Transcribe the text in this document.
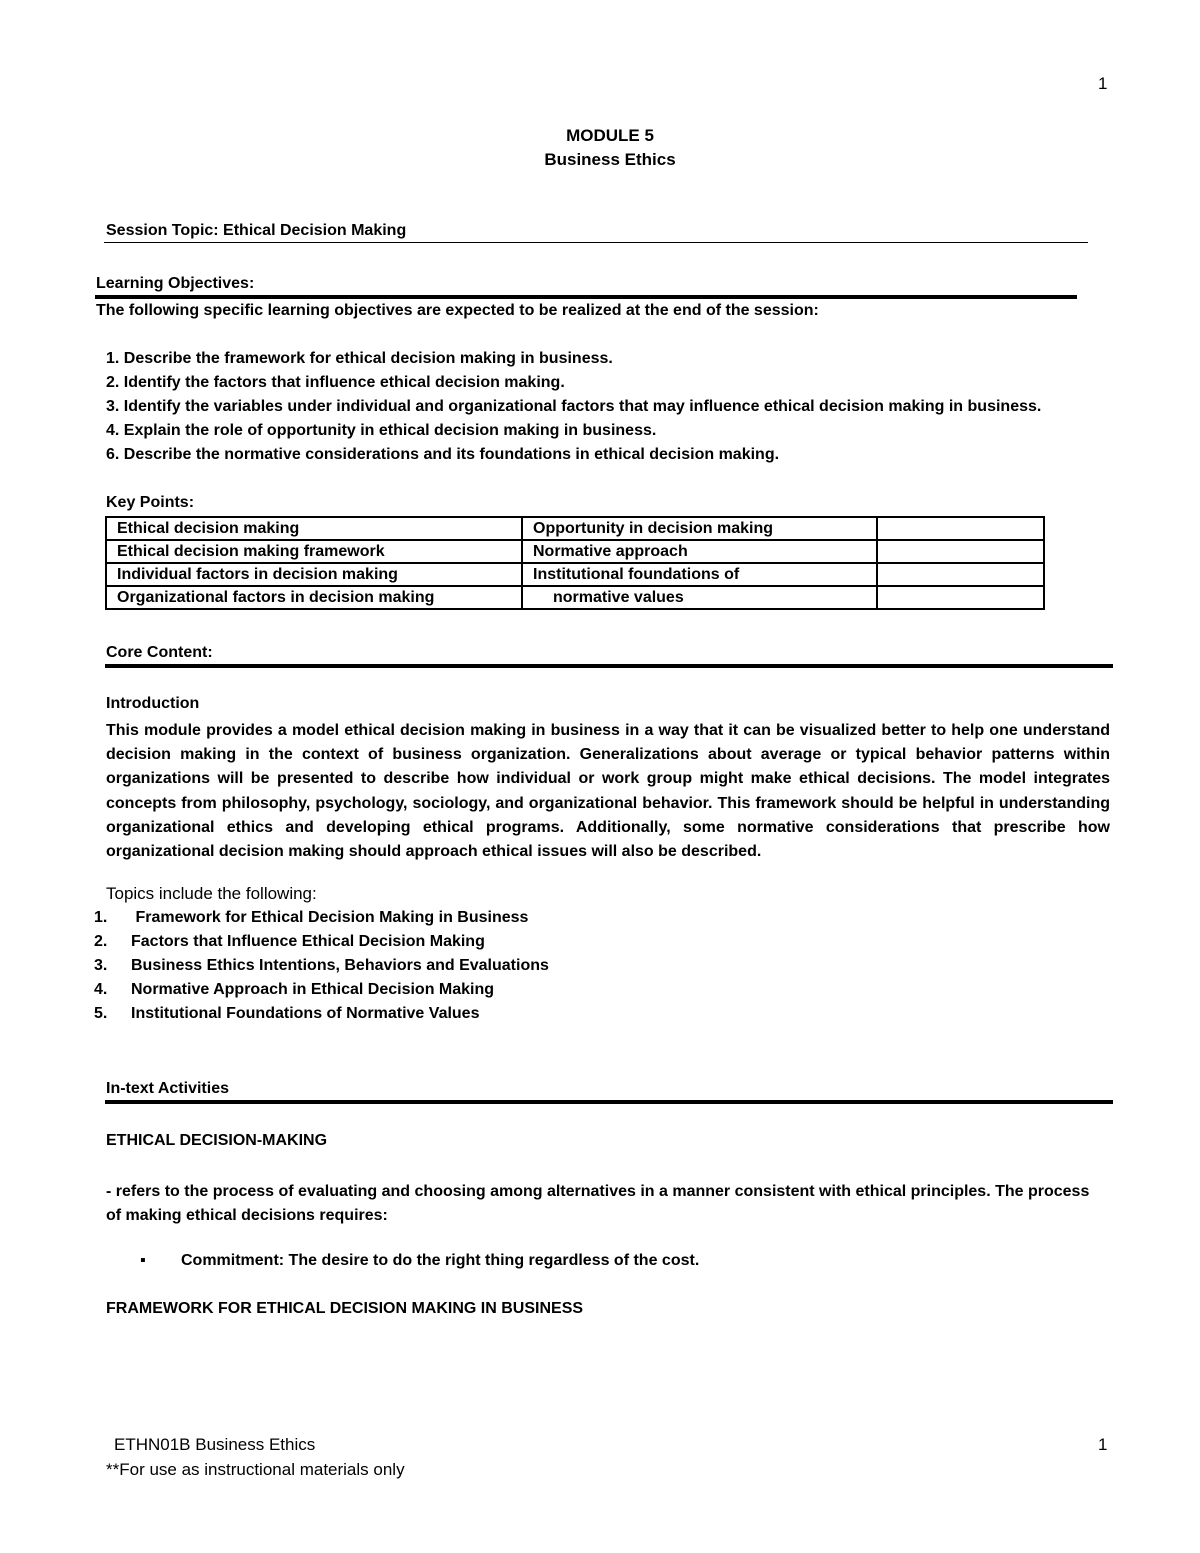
1
MODULE 5
Business Ethics
Session Topic: Ethical Decision Making
Learning Objectives:
The following specific learning objectives are expected to be realized at the end of the session:
1. Describe the framework for ethical decision making in business.
2. Identify the factors that influence ethical decision making.
3. Identify the variables under individual and organizational factors that may influence ethical decision making in business.
4. Explain the role of opportunity in ethical decision making in business.
6. Describe the normative considerations and its foundations in ethical decision making.
Key Points:
Ethical decision making	Opportunity in decision making	
Ethical decision making framework	Normative approach	
Individual factors in decision making	Institutional foundations of	
Organizational factors in decision making	normative values	
Core Content:
Introduction
This module provides a model ethical decision making in business in a way that it can be visualized better to help one understand decision making in the context of business organization. Generalizations about average or typical behavior patterns within organizations will be presented to describe how individual or work group might make ethical decisions. The model integrates concepts from philosophy, psychology, sociology, and organizational behavior. This framework should be helpful in understanding organizational ethics and developing ethical programs. Additionally, some normative considerations that prescribe how organizational decision making should approach ethical issues will also be described.
Topics include the following:
1. Framework for Ethical Decision Making in Business
2. Factors that Influence Ethical Decision Making
3. Business Ethics Intentions, Behaviors and Evaluations
4. Normative Approach in Ethical Decision Making
5. Institutional Foundations of Normative Values
In-text Activities
ETHICAL DECISION-MAKING
- refers to the process of evaluating and choosing among alternatives in a manner consistent with ethical principles. The process of making ethical decisions requires:
▪ Commitment: The desire to do the right thing regardless of the cost.
FRAMEWORK FOR ETHICAL DECISION MAKING IN BUSINESS
ETHN01B Business Ethics	1
**For use as instructional materials only
